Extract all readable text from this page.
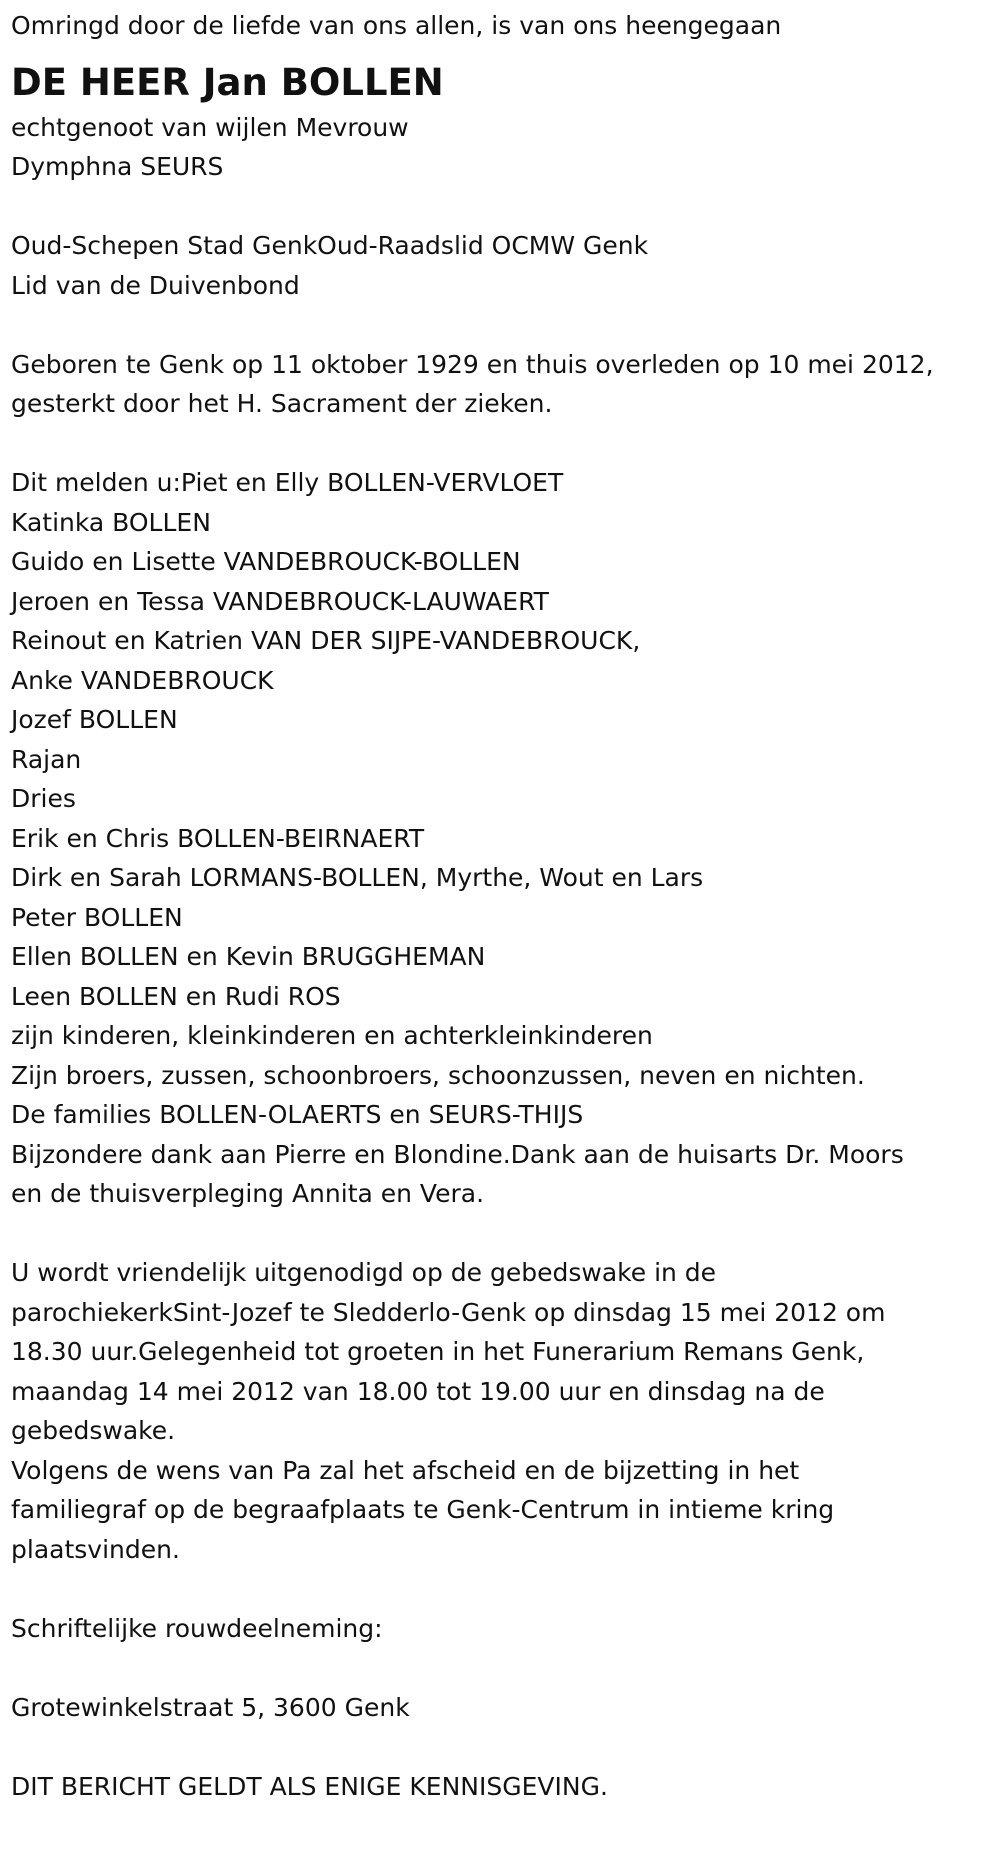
Omringd door de liefde van ons allen, is van ons heengegaan
DE HEER Jan BOLLEN
echtgenoot van wijlen Mevrouw
Dymphna SEURS
Oud-Schepen Stad GenkOud-Raadslid OCMW Genk
Lid van de Duivenbond
Geboren te Genk op 11 oktober 1929 en thuis overleden op 10 mei 2012,
gesterkt door het H. Sacrament der zieken.
Dit melden u:Piet en Elly BOLLEN-VERVLOET
Katinka BOLLEN
Guido en Lisette VANDEBROUCK-BOLLEN
Jeroen en Tessa VANDEBROUCK-LAUWAERT
Reinout en Katrien VAN DER SIJPE-VANDEBROUCK,
Anke VANDEBROUCK
Jozef BOLLEN
Rajan
Dries
Erik en Chris BOLLEN-BEIRNAERT
Dirk en Sarah LORMANS-BOLLEN, Myrthe, Wout en Lars
Peter BOLLEN
Ellen BOLLEN en Kevin BRUGGHEMAN
Leen BOLLEN en Rudi ROS
zijn kinderen, kleinkinderen en achterkleinkinderen
Zijn broers, zussen, schoonbroers, schoonzussen, neven en nichten.
De families BOLLEN-OLAERTS en SEURS-THIJS
Bijzondere dank aan Pierre en Blondine.Dank aan de huisarts Dr. Moors
en de thuisverpleging Annita en Vera.
U wordt vriendelijk uitgenodigd op de gebedswake in de
parochiekerkSint-Jozef te Sledderlo-Genk op dinsdag 15 mei 2012 om
18.30 uur.Gelegenheid tot groeten in het Funerarium Remans Genk,
maandag 14 mei 2012 van 18.00 tot 19.00 uur en dinsdag na de
gebedswake.
Volgens de wens van Pa zal het afscheid en de bijzetting in het
familiegraf op de begraafplaats te Genk-Centrum in intieme kring
plaatsvinden.
Schriftelijke rouwdeelneming:
Grotewinkelstraat 5, 3600 Genk
DIT BERICHT GELDT ALS ENIGE KENNISGEVING.
